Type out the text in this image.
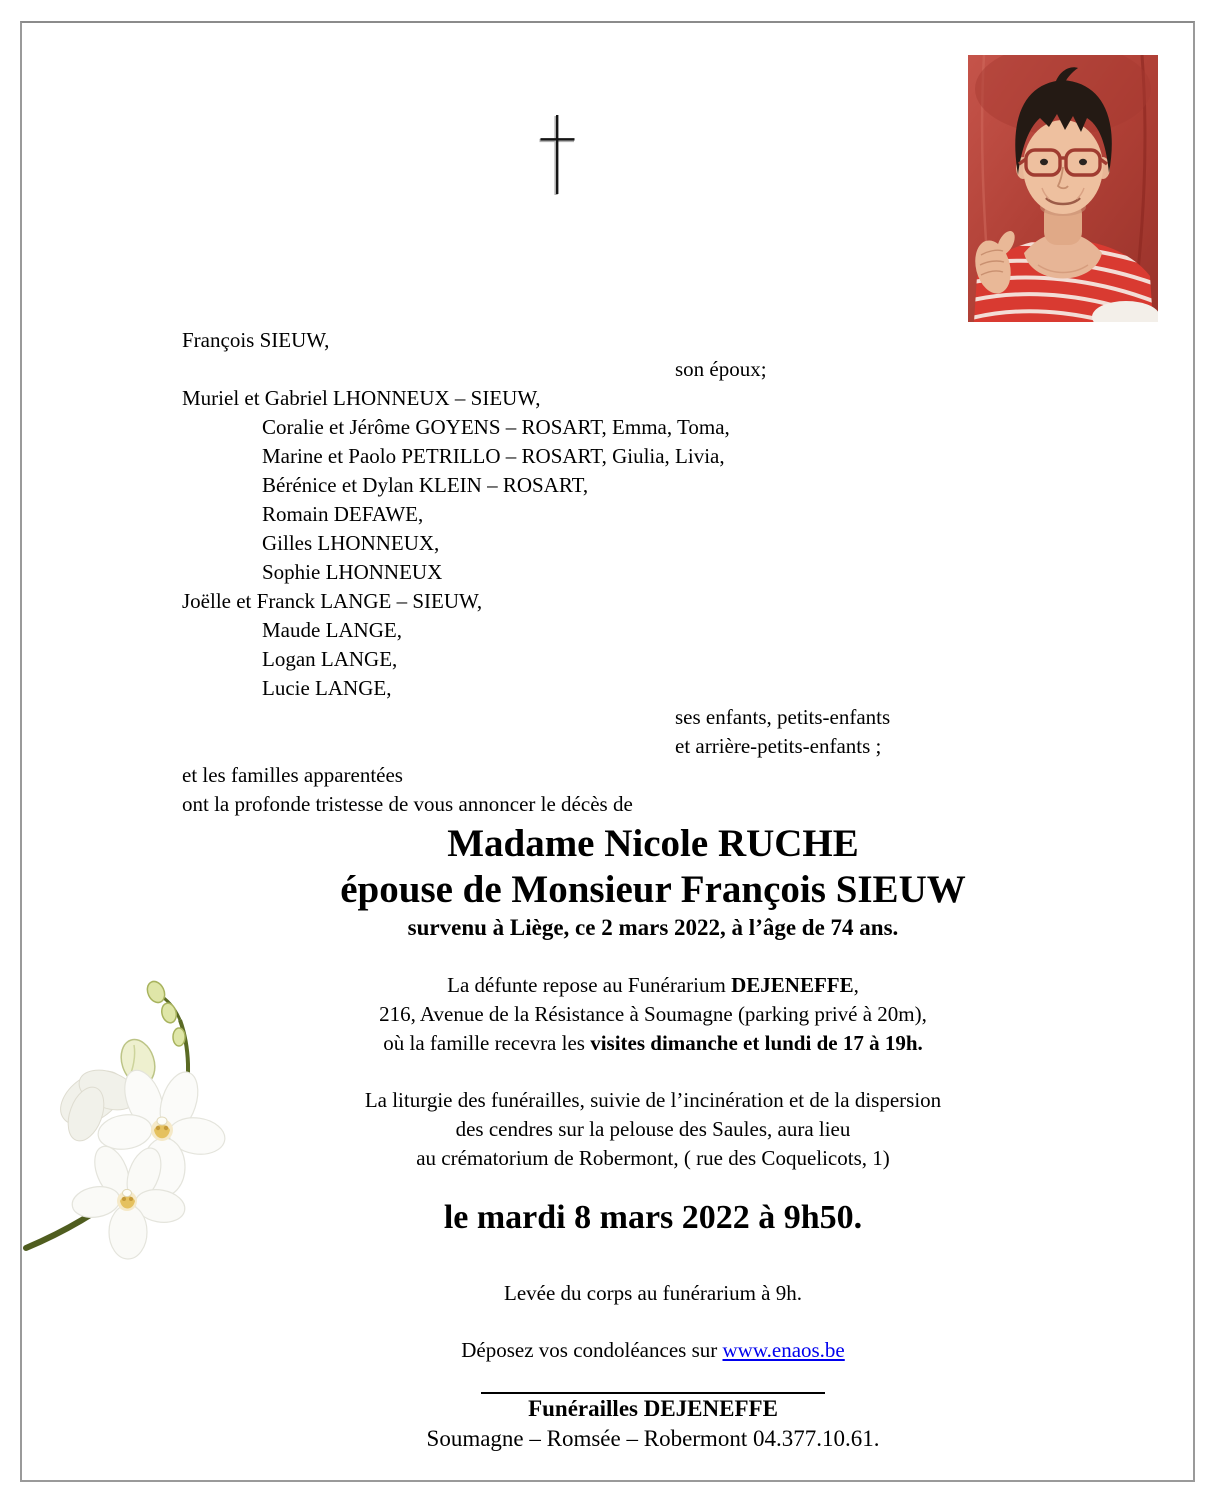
François SIEUW,
son époux;
Muriel et Gabriel LHONNEUX – SIEUW,
Coralie et Jérôme GOYENS – ROSART, Emma, Toma,
Marine et Paolo PETRILLO – ROSART, Giulia, Livia,
Bérénice et Dylan KLEIN – ROSART,
Romain DEFAWE,
Gilles LHONNEUX,
Sophie LHONNEUX
Joëlle et Franck LANGE – SIEUW,
Maude LANGE,
Logan LANGE,
Lucie LANGE,
ses enfants, petits-enfants
et arrière-petits-enfants ;
et les familles apparentées
ont la profonde tristesse de vous annoncer le décès de
Madame Nicole RUCHE
épouse de Monsieur François SIEUW
survenu à Liège, ce 2 mars 2022, à l’âge de 74 ans.
La défunte repose au Funérarium DEJENEFFE,
216, Avenue de la Résistance à Soumagne (parking privé à 20m),
où la famille recevra les visites dimanche et lundi de 17 à 19h.
La liturgie des funérailles, suivie de l’incinération et de la dispersion
des cendres sur la pelouse des Saules, aura lieu
au crématorium de Robermont, ( rue des Coquelicots, 1)
le mardi 8 mars 2022 à 9h50.
Levée du corps au funérarium à 9h.
Déposez vos condoléances sur www.enaos.be
Funérailles DEJENEFFE
Soumagne – Romsée – Robermont 04.377.10.61.
